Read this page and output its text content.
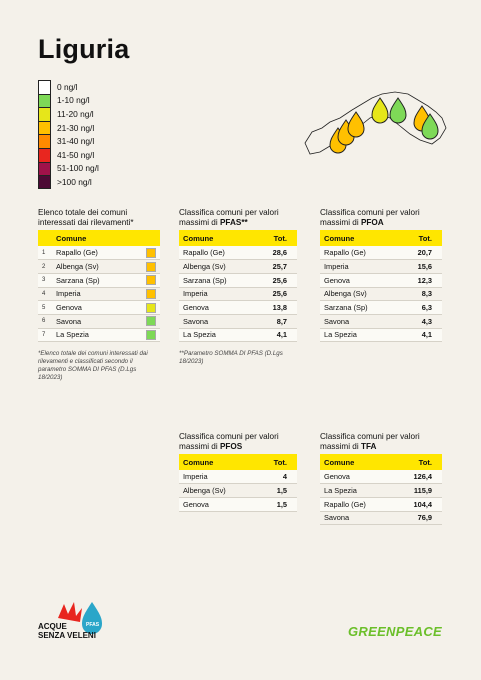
Liguria
0 ng/l
1-10 ng/l
11-20 ng/l
21-30 ng/l
31-40 ng/l
41-50 ng/l
51-100 ng/l
>100 ng/l
Elenco totale dei comuni interessati dai rilevamenti*
Comune		
1	Rapallo (Ge)	
2	Albenga (Sv)	
3	Sarzana (Sp)	
4	Imperia	
5	Genova	
6	Savona	
7	La Spezia	
*Elenco totale dei comuni interessati dai rilevamenti e classificati secondo il parametro SOMMA DI PFAS (D.Lgs 18/2023)
Classifica comuni per valori massimi di PFAS**
Comune	Tot.
Rapallo (Ge)	28,6
Albenga (Sv)	25,7
Sarzana (Sp)	25,6
Imperia	25,6
Genova	13,8
Savona	8,7
La Spezia	4,1
**Parametro SOMMA DI PFAS (D.Lgs 18/2023)
Classifica comuni per valori massimi di PFOA
Comune	Tot.
Rapallo (Ge)	20,7
Imperia	15,6
Genova	12,3
Albenga (Sv)	8,3
Sarzana (Sp)	6,3
Savona	4,3
La Spezia	4,1
Classifica comuni per valori massimi di PFOS
Comune	Tot.
Imperia	4
Albenga (Sv)	1,5
Genova	1,5
Classifica comuni per valori massimi di TFA
Comune	Tot.
Genova	126,4
La Spezia	115,9
Rapallo (Ge)	104,4
Savona	76,9
PFAS
ACQUE
SENZA VELENI	GREENPEACE
